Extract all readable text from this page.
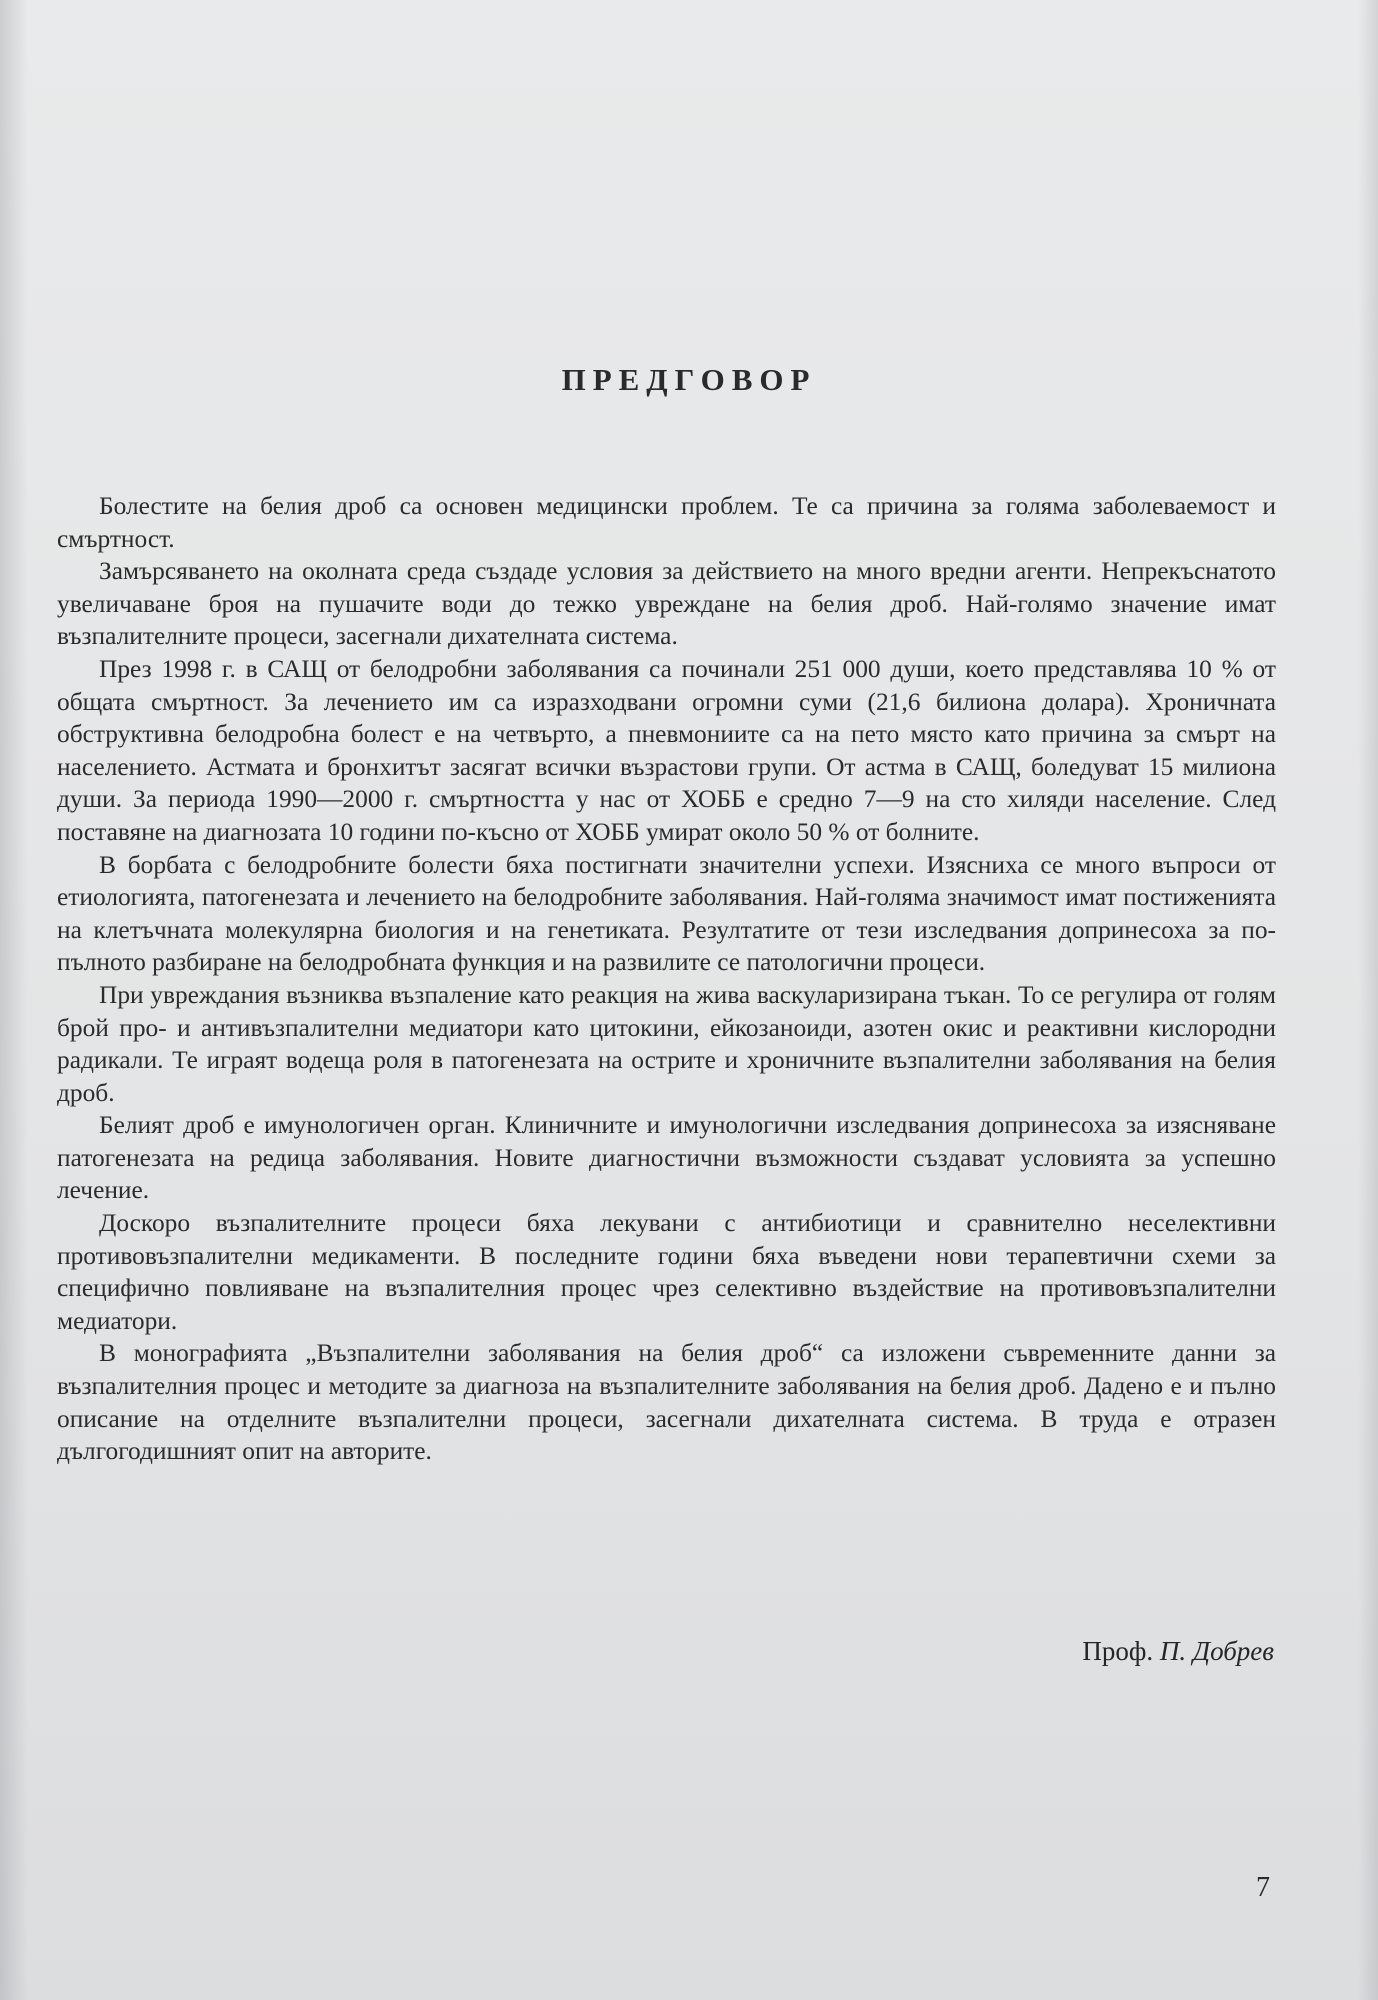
ПРЕДГОВОР

Болестите на белия дроб са основен медицински проблем. Те са причина за голяма заболеваемост и смъртност.

Замърсяването на околната среда създаде условия за действието на много вредни агенти. Непрекъснатото увеличаване броя на пушачите води до тежко увреждане на белия дроб. Най-голямо значение имат възпалителните процеси, засегнали дихателната система.

През 1998 г. в САЩ от белодробни заболявания са починали 251 000 души, което представлява 10 % от общата смъртност. За лечението им са изразходвани огромни суми (21,6 билиона долара). Хроничната обструктивна белодробна болест е на четвърто, а пневмониите са на пето място като причина за смърт на населението. Астмата и бронхитът засягат всички възрастови групи. От астма в САЩ, боледуват 15 милиона души. За периода 1990—2000 г. смъртността у нас от ХОББ е средно 7—9 на сто хиляди население. След поставяне на диагнозата 10 години по-късно от ХОББ умират около 50 % от болните.

В борбата с белодробните болести бяха постигнати значителни успехи. Изясниха се много въпроси от етиологията, патогенезата и лечението на белодробните заболявания. Най-голяма значимост имат постиженията на клетъчната молекулярна биология и на генетиката. Резултатите от тези изследвания допринесоха за по-пълното разбиране на белодробната функция и на развилите се патологични процеси.

При увреждания възниква възпаление като реакция на жива васкуларизирана тъкан. То се регулира от голям брой про- и антивъзпалителни медиатори като цитокини, ейкозаноиди, азотен окис и реактивни кислородни радикали. Те играят водеща роля в патогенезата на острите и хроничните възпалителни заболявания на белия дроб.

Белият дроб е имунологичен орган. Клиничните и имунологични изследвания допринесоха за изясняване патогенезата на редица заболявания. Новите диагностични възможности създават условията за успешно лечение.

Доскоро възпалителните процеси бяха лекувани с антибиотици и сравнително неселективни противовъзпалителни медикаменти. В последните години бяха въведени нови терапевтични схеми за специфично повлияване на възпалителния процес чрез селективно въздействие на противовъзпалителни медиатори.

В монографията „Възпалителни заболявания на белия дроб“ са изложени съвременните данни за възпалителния процес и методите за диагноза на възпалителните заболявания на белия дроб. Дадено е и пълно описание на отделните възпалителни процеси, засегнали дихателната система. В труда е отразен дългогодишният опит на авторите.

Проф. П. Добрев
7
